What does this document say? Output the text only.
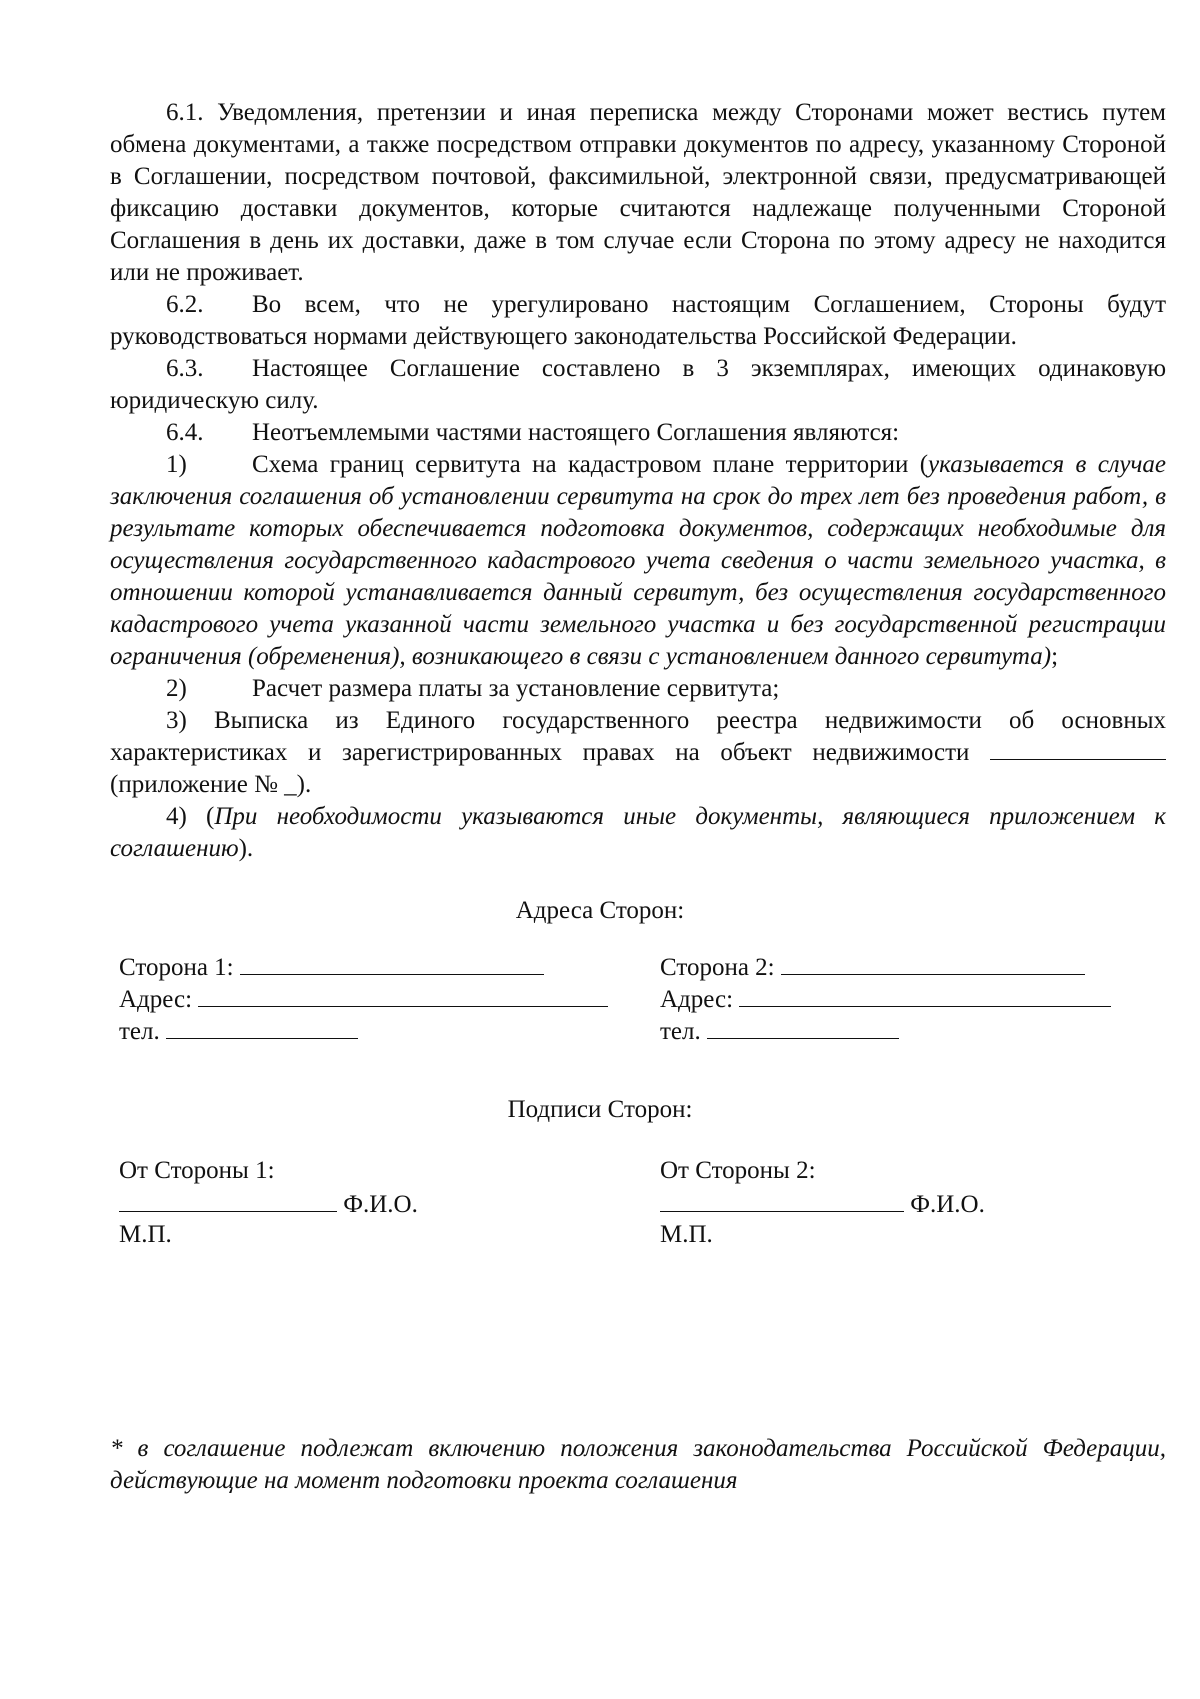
6.1. Уведомления, претензии и иная переписка между Сторонами может вестись путем обмена документами, а также посредством отправки документов по адресу, указанному Стороной в Соглашении, посредством почтовой, факсимильной, электронной связи, предусматривающей фиксацию доставки документов, которые считаются надлежаще полученными Стороной Соглашения в день их доставки, даже в том случае если Сторона по этому адресу не находится или не проживает.

6.2. Во всем, что не урегулировано настоящим Соглашением, Стороны будут руководствоваться нормами действующего законодательства Российской Федерации.

6.3. Настоящее Соглашение составлено в 3 экземплярах, имеющих одинаковую юридическую силу.

6.4. Неотъемлемыми частями настоящего Соглашения являются:

1)	Схема границ сервитута на кадастровом плане территории (указывается в случае заключения соглашения об установлении сервитута на срок до трех лет без проведения работ, в результате которых обеспечивается подготовка документов, содержащих необходимые для осуществления государственного кадастрового учета сведения о части земельного участка, в отношении которой устанавливается данный сервитут, без осуществления государственного кадастрового учета указанной части земельного участка и без государственной регистрации ограничения (обременения), возникающего в связи с установлением данного сервитута);

2)	Расчет размера платы за установление сервитута;

3) Выписка из Единого государственного реестра недвижимости об основных характеристиках и зарегистрированных правах на объект недвижимости  (приложение № _).

4) (При необходимости указываются иные документы, являющиеся приложением к соглашению).

Адреса Сторон:
Сторона 1:
Адрес:
тел.
Сторона 2:
Адрес:
тел.
Подписи Сторон:
От Стороны 1:
Ф.И.О.
М.П.
От Стороны 2:
Ф.И.О.
М.П.

* в соглашение подлежат включению положения законодательства Российской Федерации, действующие на момент подготовки проекта соглашения
